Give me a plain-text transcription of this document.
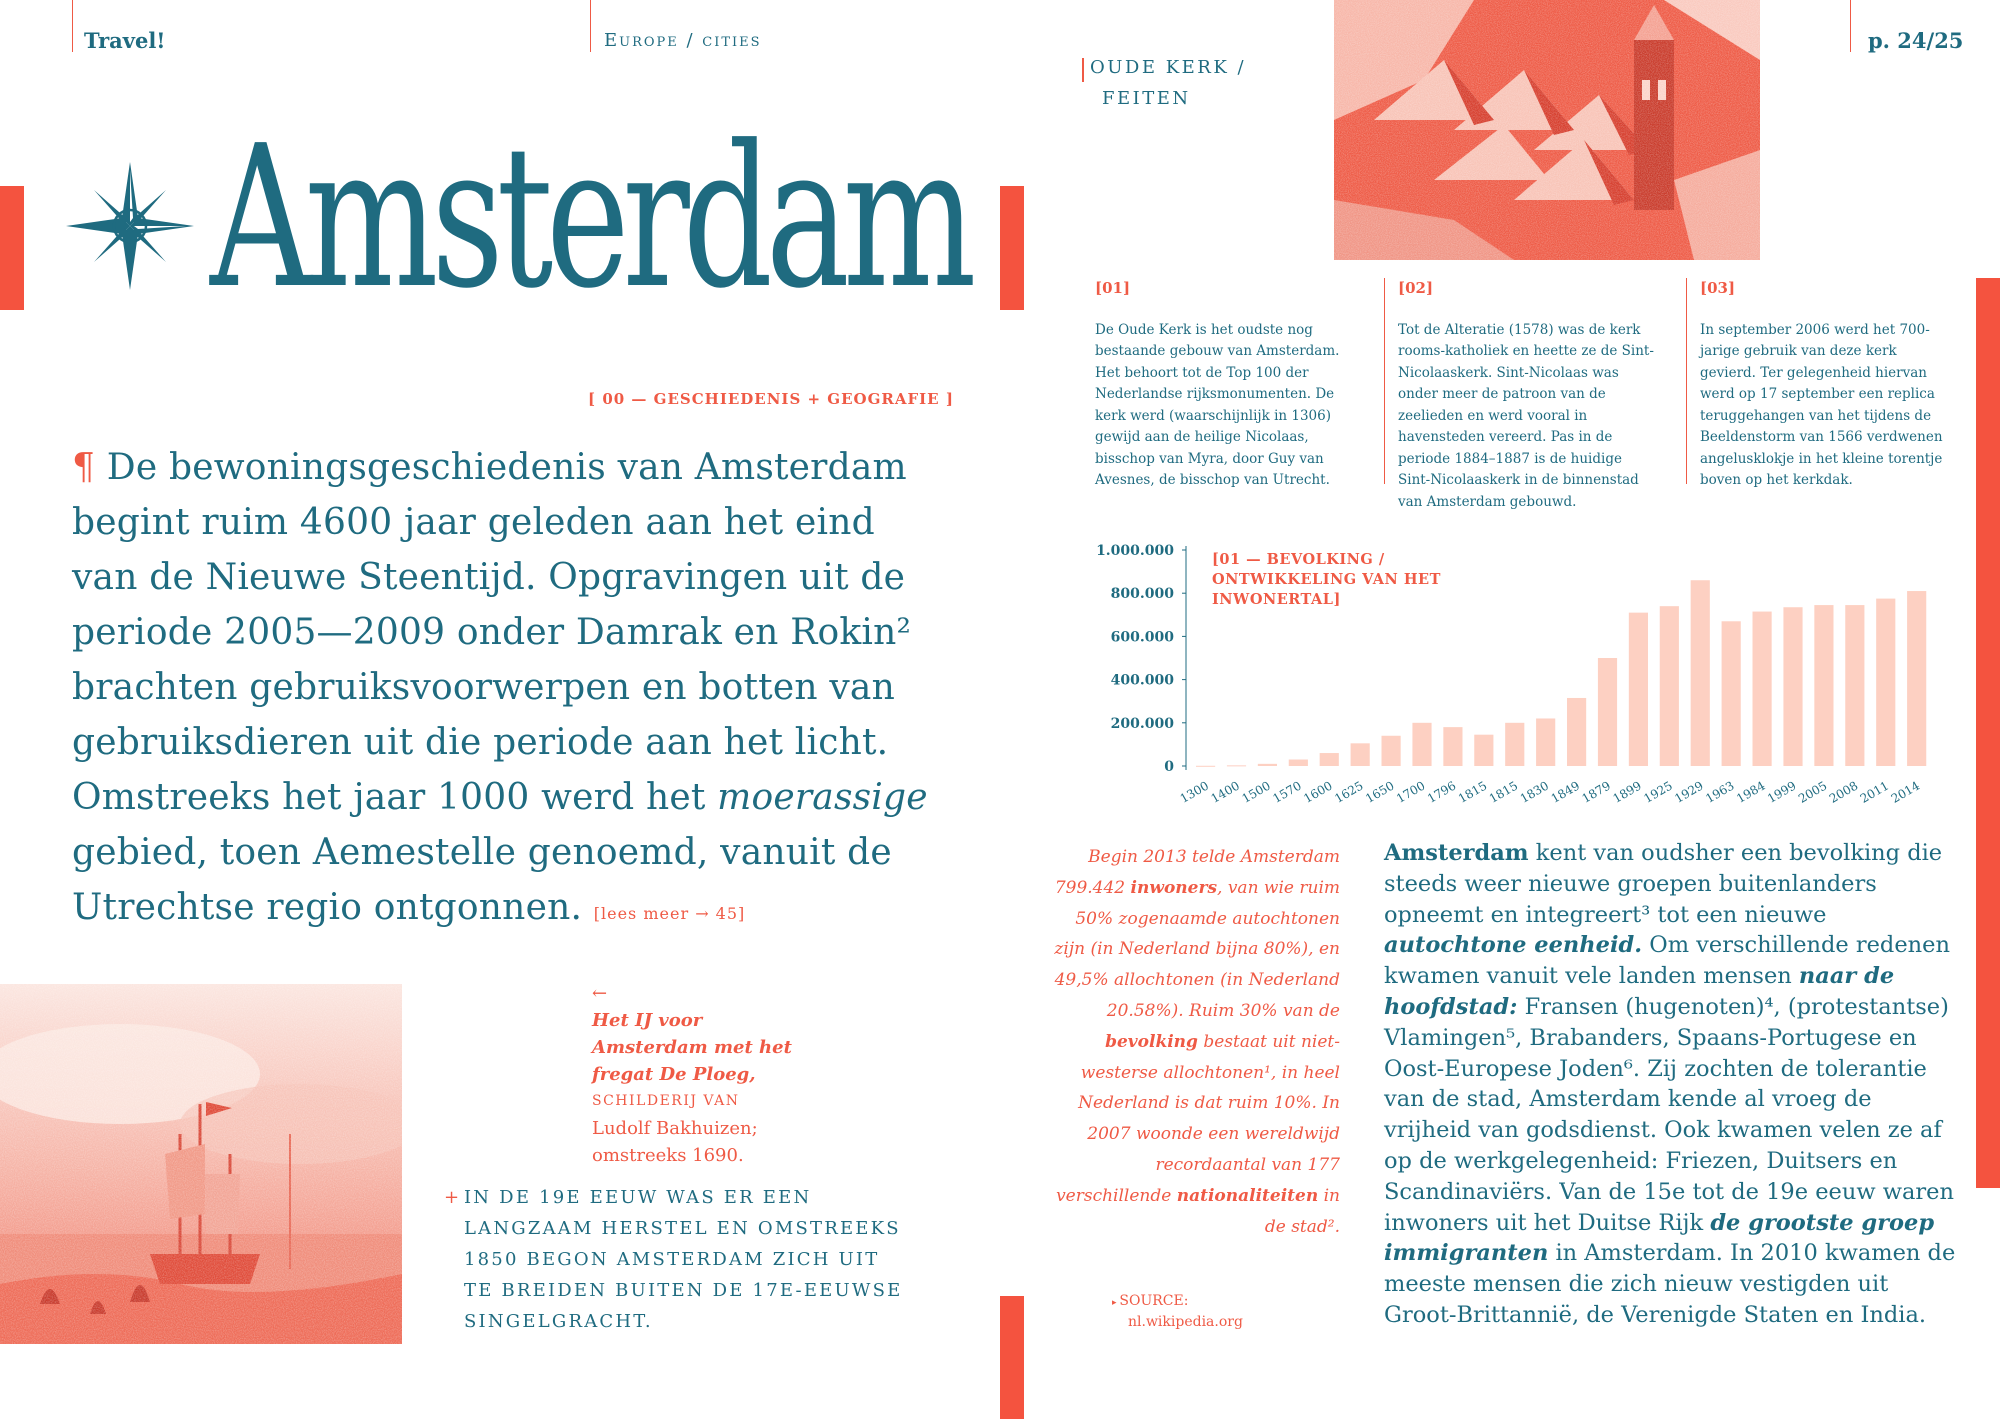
Travel!	Europe / cities	p. 24/25
Amsterdam
[ 00 — GESCHIEDENIS + GEOGRAFIE ]
¶ De bewoningsgeschiedenis van Amsterdam begint ruim 4600 jaar geleden aan het eind van de Nieuwe Steentijd. Opgravingen uit de periode 2005—2009 onder Damrak en Rokin² brachten gebruiksvoorwerpen en botten van gebruiksdieren uit die periode aan het licht. Omstreeks het jaar 1000 werd het moerassige gebied, toen Aemestelle genoemd, vanuit de Utrechtse regio ontgonnen. [lees meer → 45]
←
Het IJ voor Amsterdam met het fregat De Ploeg,
SCHILDERIJ VAN
Ludolf Bakhuizen;
omstreeks 1690.
+ IN DE 19E EEUW WAS ER EEN LANGZAAM HERSTEL EN OMSTREEKS 1850 BEGON AMSTERDAM ZICH UIT TE BREIDEN BUITEN DE 17E-EEUWSE SINGELGRACHT.
OUDE KERK /
FEITEN
[01]
De Oude Kerk is het oudste nog bestaande gebouw van Amsterdam. Het behoort tot de Top 100 der Nederlandse rijksmonumenten. De kerk werd (waarschijnlijk in 1306) gewijd aan de heilige Nicolaas, bisschop van Myra, door Guy van Avesnes, de bisschop van Utrecht.
[02]
Tot de Alteratie (1578) was de kerk rooms-katholiek en heette ze de Sint-Nicolaaskerk. Sint-Nicolaas was onder meer de patroon van de zeelieden en werd vooral in havensteden vereerd. Pas in de periode 1884–1887 is de huidige Sint-Nicolaaskerk in de binnenstad van Amsterdam gebouwd.
[03]
In september 2006 werd het 700-jarige gebruik van deze kerk gevierd. Ter gelegenheid hiervan werd op 17 september een replica teruggehangen van het tijdens de Beeldenstorm van 1566 verdwenen angelusklokje in het kleine torentje boven op het kerkdak.
1.000.000
800.000
600.000
400.000
200.000
0
1300
1400
1500
1570
1600
1625
1650
1700
1796
1815
1815
1830
1849
1879
1899
1925
1929
1963
1984
1999
2005
2008
2011
2014
[01 — BEVOLKING / ONTWIKKELING VAN HET INWONERTAL]
Begin 2013 telde Amsterdam 799.442 inwoners, van wie ruim 50% zogenaamde autochtonen zijn (in Nederland bijna 80%), en 49,5% allochtonen (in Nederland 20.58%). Ruim 30% van de bevolking bestaat uit niet-westerse allochtonen¹, in heel Nederland is dat ruim 10%. In 2007 woonde een wereldwijd recordaantal van 177 verschillende nationaliteiten in de stad².
Amsterdam kent van oudsher een bevolking die steeds weer nieuwe groepen buitenlanders opneemt en integreert³ tot een nieuwe autochtone eenheid. Om verschillende redenen kwamen vanuit vele landen mensen naar de hoofdstad: Fransen (hugenoten)⁴, (protestantse) Vlamingen⁵, Brabanders, Spaans-Portugese en Oost-Europese Joden⁶. Zij zochten de tolerantie van de stad, Amsterdam kende al vroeg de vrijheid van godsdienst. Ook kwamen velen ze af op de werkgelegenheid: Friezen, Duitsers en Scandinaviërs. Van de 15e tot de 19e eeuw waren inwoners uit het Duitse Rijk de grootste groep immigranten in Amsterdam. In 2010 kwamen de meeste mensen die zich nieuw vestigden uit Groot-Brittannië, de Verenigde Staten en India.
▸ SOURCE:
nl.wikipedia.org
